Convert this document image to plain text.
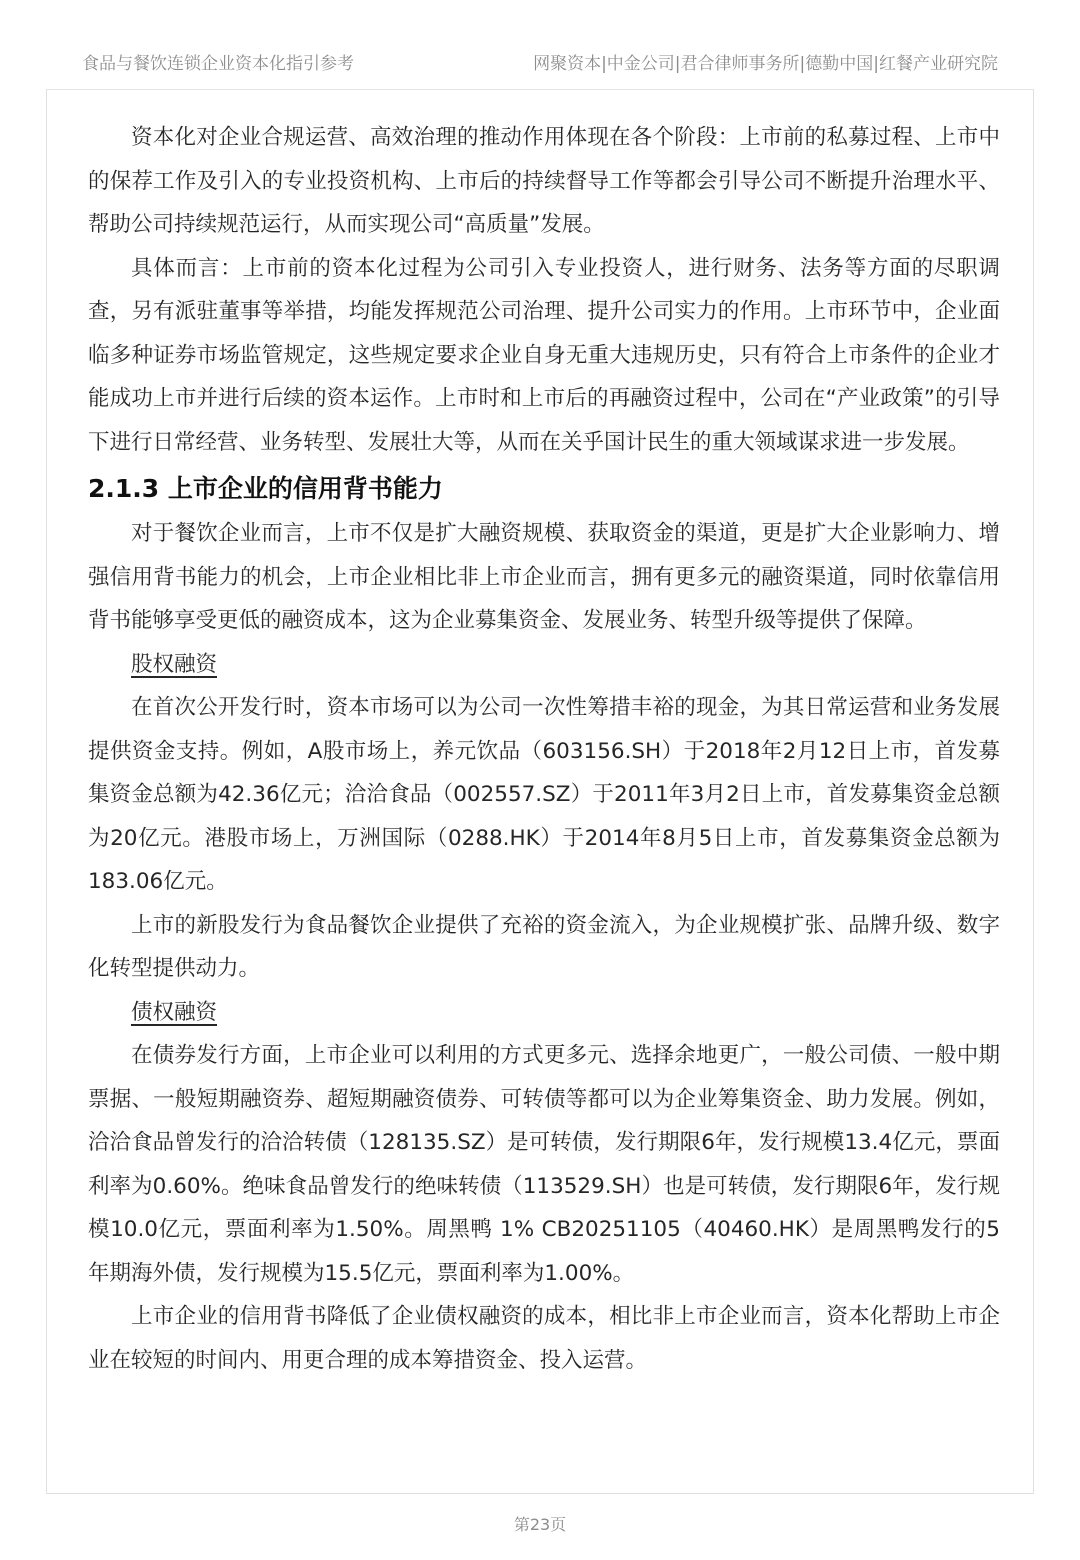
食品与餐饮连锁企业资本化指引参考	网聚资本|中金公司|君合律师事务所|德勤中国|红餐产业研究院

资本化对企业合规运营、高效治理的推动作用体现在各个阶段：上市前的私募过程、上市中的保荐工作及引入的专业投资机构、上市后的持续督导工作等都会引导公司不断提升治理水平、帮助公司持续规范运行，从而实现公司“高质量”发展。

具体而言：上市前的资本化过程为公司引入专业投资人，进行财务、法务等方面的尽职调查，另有派驻董事等举措，均能发挥规范公司治理、提升公司实力的作用。上市环节中，企业面临多种证券市场监管规定，这些规定要求企业自身无重大违规历史，只有符合上市条件的企业才能成功上市并进行后续的资本运作。上市时和上市后的再融资过程中，公司在“产业政策”的引导下进行日常经营、业务转型、发展壮大等，从而在关乎国计民生的重大领域谋求进一步发展。

2.1.3 上市企业的信用背书能力

对于餐饮企业而言，上市不仅是扩大融资规模、获取资金的渠道，更是扩大企业影响力、增强信用背书能力的机会，上市企业相比非上市企业而言，拥有更多元的融资渠道，同时依靠信用背书能够享受更低的融资成本，这为企业募集资金、发展业务、转型升级等提供了保障。

股权融资

在首次公开发行时，资本市场可以为公司一次性筹措丰裕的现金，为其日常运营和业务发展提供资金支持。例如，A股市场上，养元饮品（603156.SH）于2018年2月12日上市，首发募集资金总额为42.36亿元；洽洽食品（002557.SZ）于2011年3月2日上市，首发募集资金总额为20亿元。港股市场上，万洲国际（0288.HK）于2014年8月5日上市，首发募集资金总额为183.06亿元。

上市的新股发行为食品餐饮企业提供了充裕的资金流入，为企业规模扩张、品牌升级、数字化转型提供动力。

债权融资

在债券发行方面，上市企业可以利用的方式更多元、选择余地更广，一般公司债、一般中期票据、一般短期融资券、超短期融资债券、可转债等都可以为企业筹集资金、助力发展。例如，洽洽食品曾发行的洽洽转债（128135.SZ）是可转债，发行期限6年，发行规模13.4亿元，票面利率为0.60%。绝味食品曾发行的绝味转债（113529.SH）也是可转债，发行期限6年，发行规模10.0亿元，票面利率为1.50%。周黑鸭 1% CB20251105（40460.HK）是周黑鸭发行的5年期海外债，发行规模为15.5亿元，票面利率为1.00%。

上市企业的信用背书降低了企业债权融资的成本，相比非上市企业而言，资本化帮助上市企业在较短的时间内、用更合理的成本筹措资金、投入运营。

第23页
